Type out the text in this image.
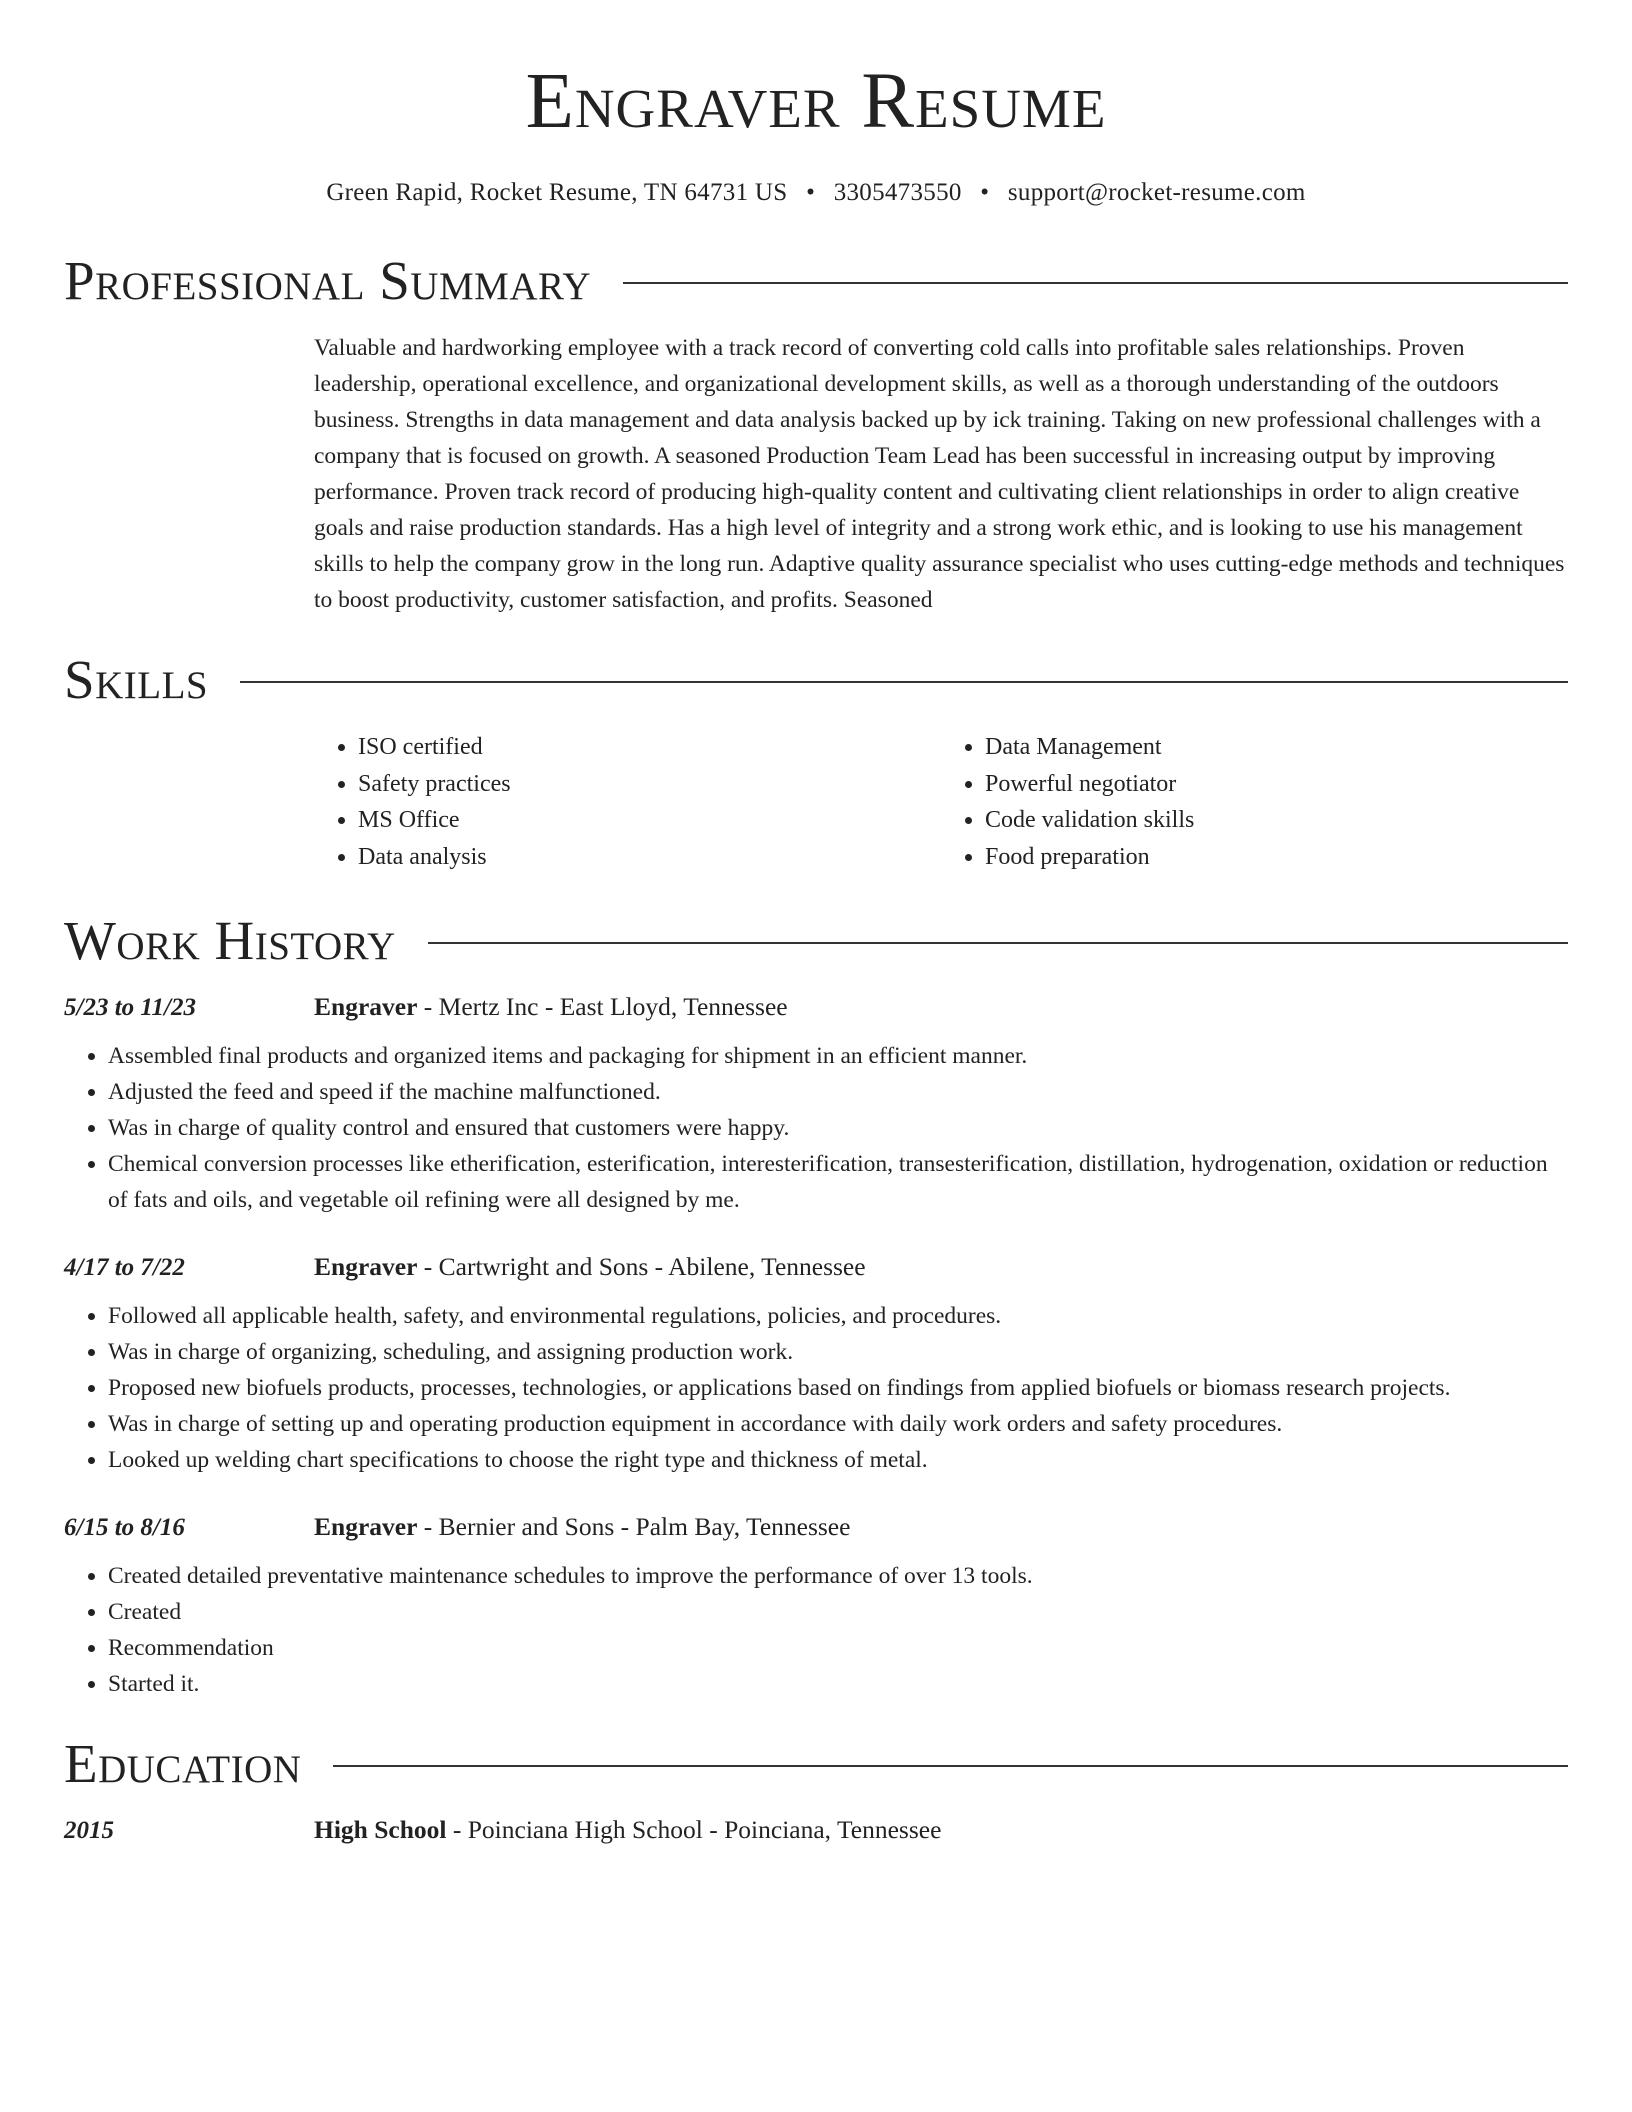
Engraver Resume
Green Rapid, Rocket Resume, TN 64731 US • 3305473550 • support@rocket-resume.com
Professional Summary
Valuable and hardworking employee with a track record of converting cold calls into profitable sales relationships. Proven leadership, operational excellence, and organizational development skills, as well as a thorough understanding of the outdoors business. Strengths in data management and data analysis backed up by ick training. Taking on new professional challenges with a company that is focused on growth. A seasoned Production Team Lead has been successful in increasing output by improving performance. Proven track record of producing high-quality content and cultivating client relationships in order to align creative goals and raise production standards. Has a high level of integrity and a strong work ethic, and is looking to use his management skills to help the company grow in the long run. Adaptive quality assurance specialist who uses cutting-edge methods and techniques to boost productivity, customer satisfaction, and profits. Seasoned
Skills
• ISO certified
• Safety practices
• MS Office
• Data analysis
• Data Management
• Powerful negotiator
• Code validation skills
• Food preparation
Work History
5/23 to 11/23	Engraver - Mertz Inc - East Lloyd, Tennessee
• Assembled final products and organized items and packaging for shipment in an efficient manner.
• Adjusted the feed and speed if the machine malfunctioned.
• Was in charge of quality control and ensured that customers were happy.
• Chemical conversion processes like etherification, esterification, interesterification, transesterification, distillation, hydrogenation, oxidation or reduction of fats and oils, and vegetable oil refining were all designed by me.
4/17 to 7/22	Engraver - Cartwright and Sons - Abilene, Tennessee
• Followed all applicable health, safety, and environmental regulations, policies, and procedures.
• Was in charge of organizing, scheduling, and assigning production work.
• Proposed new biofuels products, processes, technologies, or applications based on findings from applied biofuels or biomass research projects.
• Was in charge of setting up and operating production equipment in accordance with daily work orders and safety procedures.
• Looked up welding chart specifications to choose the right type and thickness of metal.
6/15 to 8/16	Engraver - Bernier and Sons - Palm Bay, Tennessee
• Created detailed preventative maintenance schedules to improve the performance of over 13 tools.
• Created
• Recommendation
• Started it.
Education
2015	High School - Poinciana High School - Poinciana, Tennessee
